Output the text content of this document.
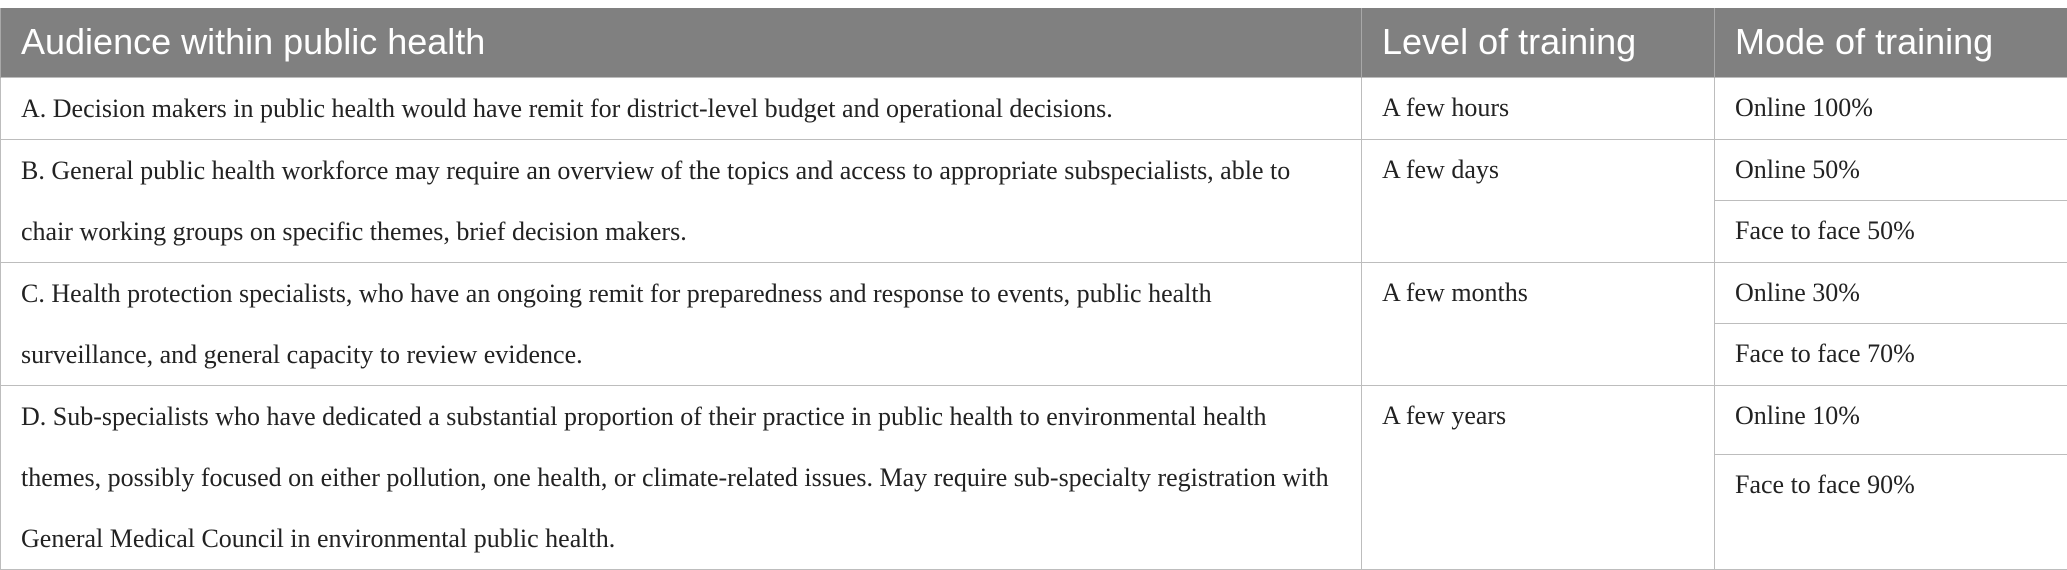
Audience within public health	Level of training	Mode of training
A. Decision makers in public health would have remit for district-level budget and operational decisions.	A few hours	Online 100%
B. General public health workforce may require an overview of the topics and access to appropriate subspecialists, able to chair working groups on specific themes, brief decision makers.	A few days	Online 50%
		Face to face 50%
C. Health protection specialists, who have an ongoing remit for preparedness and response to events, public health surveillance, and general capacity to review evidence.	A few months	Online 30%
		Face to face 70%
D. Sub-specialists who have dedicated a substantial proportion of their practice in public health to environmental health themes, possibly focused on either pollution, one health, or climate-related issues. May require sub-specialty registration with General Medical Council in environmental public health.	A few years	Online 10%
		Face to face 90%
